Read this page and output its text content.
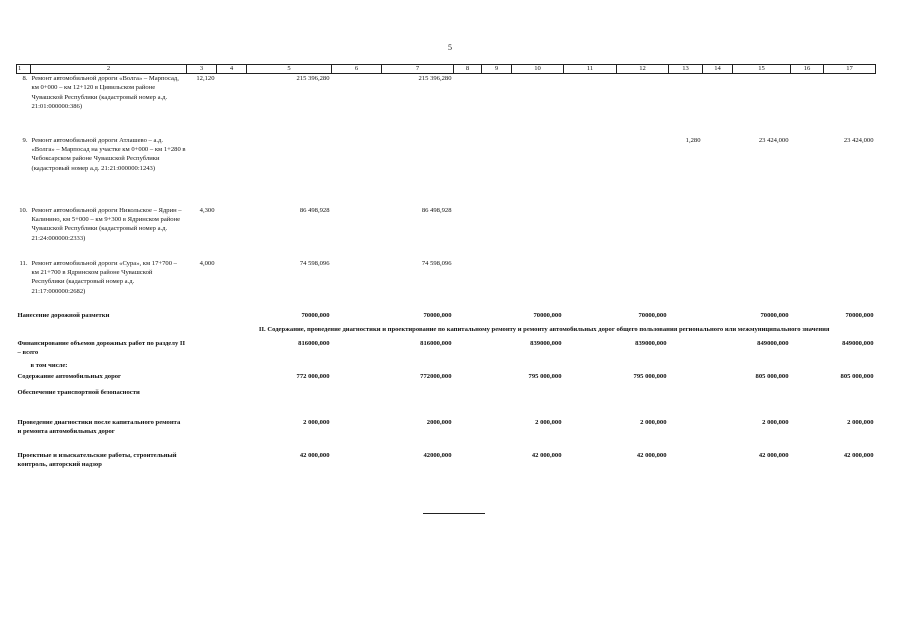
5
1	2	3	4	5	6	7	8	9	10	11	12	13	14	15	16	17
8.	Ремонт автомобильной дороги «Волга» – Марпосад, км 0+000 – км 12+120 в Цивильском районе Чувашской Республики (кадастровый номер а.д. 21:01:000000:386)	12,120		215 396,280		215 396,280										
9.	Ремонт автомобильной дороги Атлашево – а.д. «Волга» – Марпосад на участке км 0+000 – км 1+280 в Чебоксарском районе Чувашской Республики (кадастровый номер а.д. 21:21:000000:1243)											1,280		23 424,000		23 424,000
10.	Ремонт автомобильной дороги Никольское – Ядрин – Калинино, км 5+000 – км 9+300 в Ядринском районе Чувашской Республики (кадастровый номер а.д. 21:24:000000:2333)	4,300		86 498,928		86 498,928										
11.	Ремонт автомобильной дороги «Сура», км 17+700 – км 21+700 в Ядринском районе Чувашской Республики (кадастровый номер а.д. 21:17:000000:2682)	4,000		74 598,096		74 598,096										
Нанесение дорожной разметки				70000,000		70000,000			70000,000		70000,000			70000,000		70000,000
II. Содержание, проведение диагностики и проектирование по капитальному ремонту и ремонту автомобильных дорог общего пользования регионального или межмуниципального значения																
Финансирование объемов дорожных работ по разделу II – всего				816000,000		816000,000			839000,000		839000,000			849000,000		849000,000
в том числе:																
Содержание автомобильных дорог				772 000,000		772000,000			795 000,000		795 000,000			805 000,000		805 000,000
Обеспечение транспортной безопасности																
Проведение диагностики после капитального ремонта и ремонта автомобильных дорог				2 000,000		2000,000			2 000,000		2 000,000			2 000,000		2 000,000
Проектные и изыскательские работы, строительный контроль, авторский надзор				42 000,000		42000,000			42 000,000		42 000,000			42 000,000		42 000,000
